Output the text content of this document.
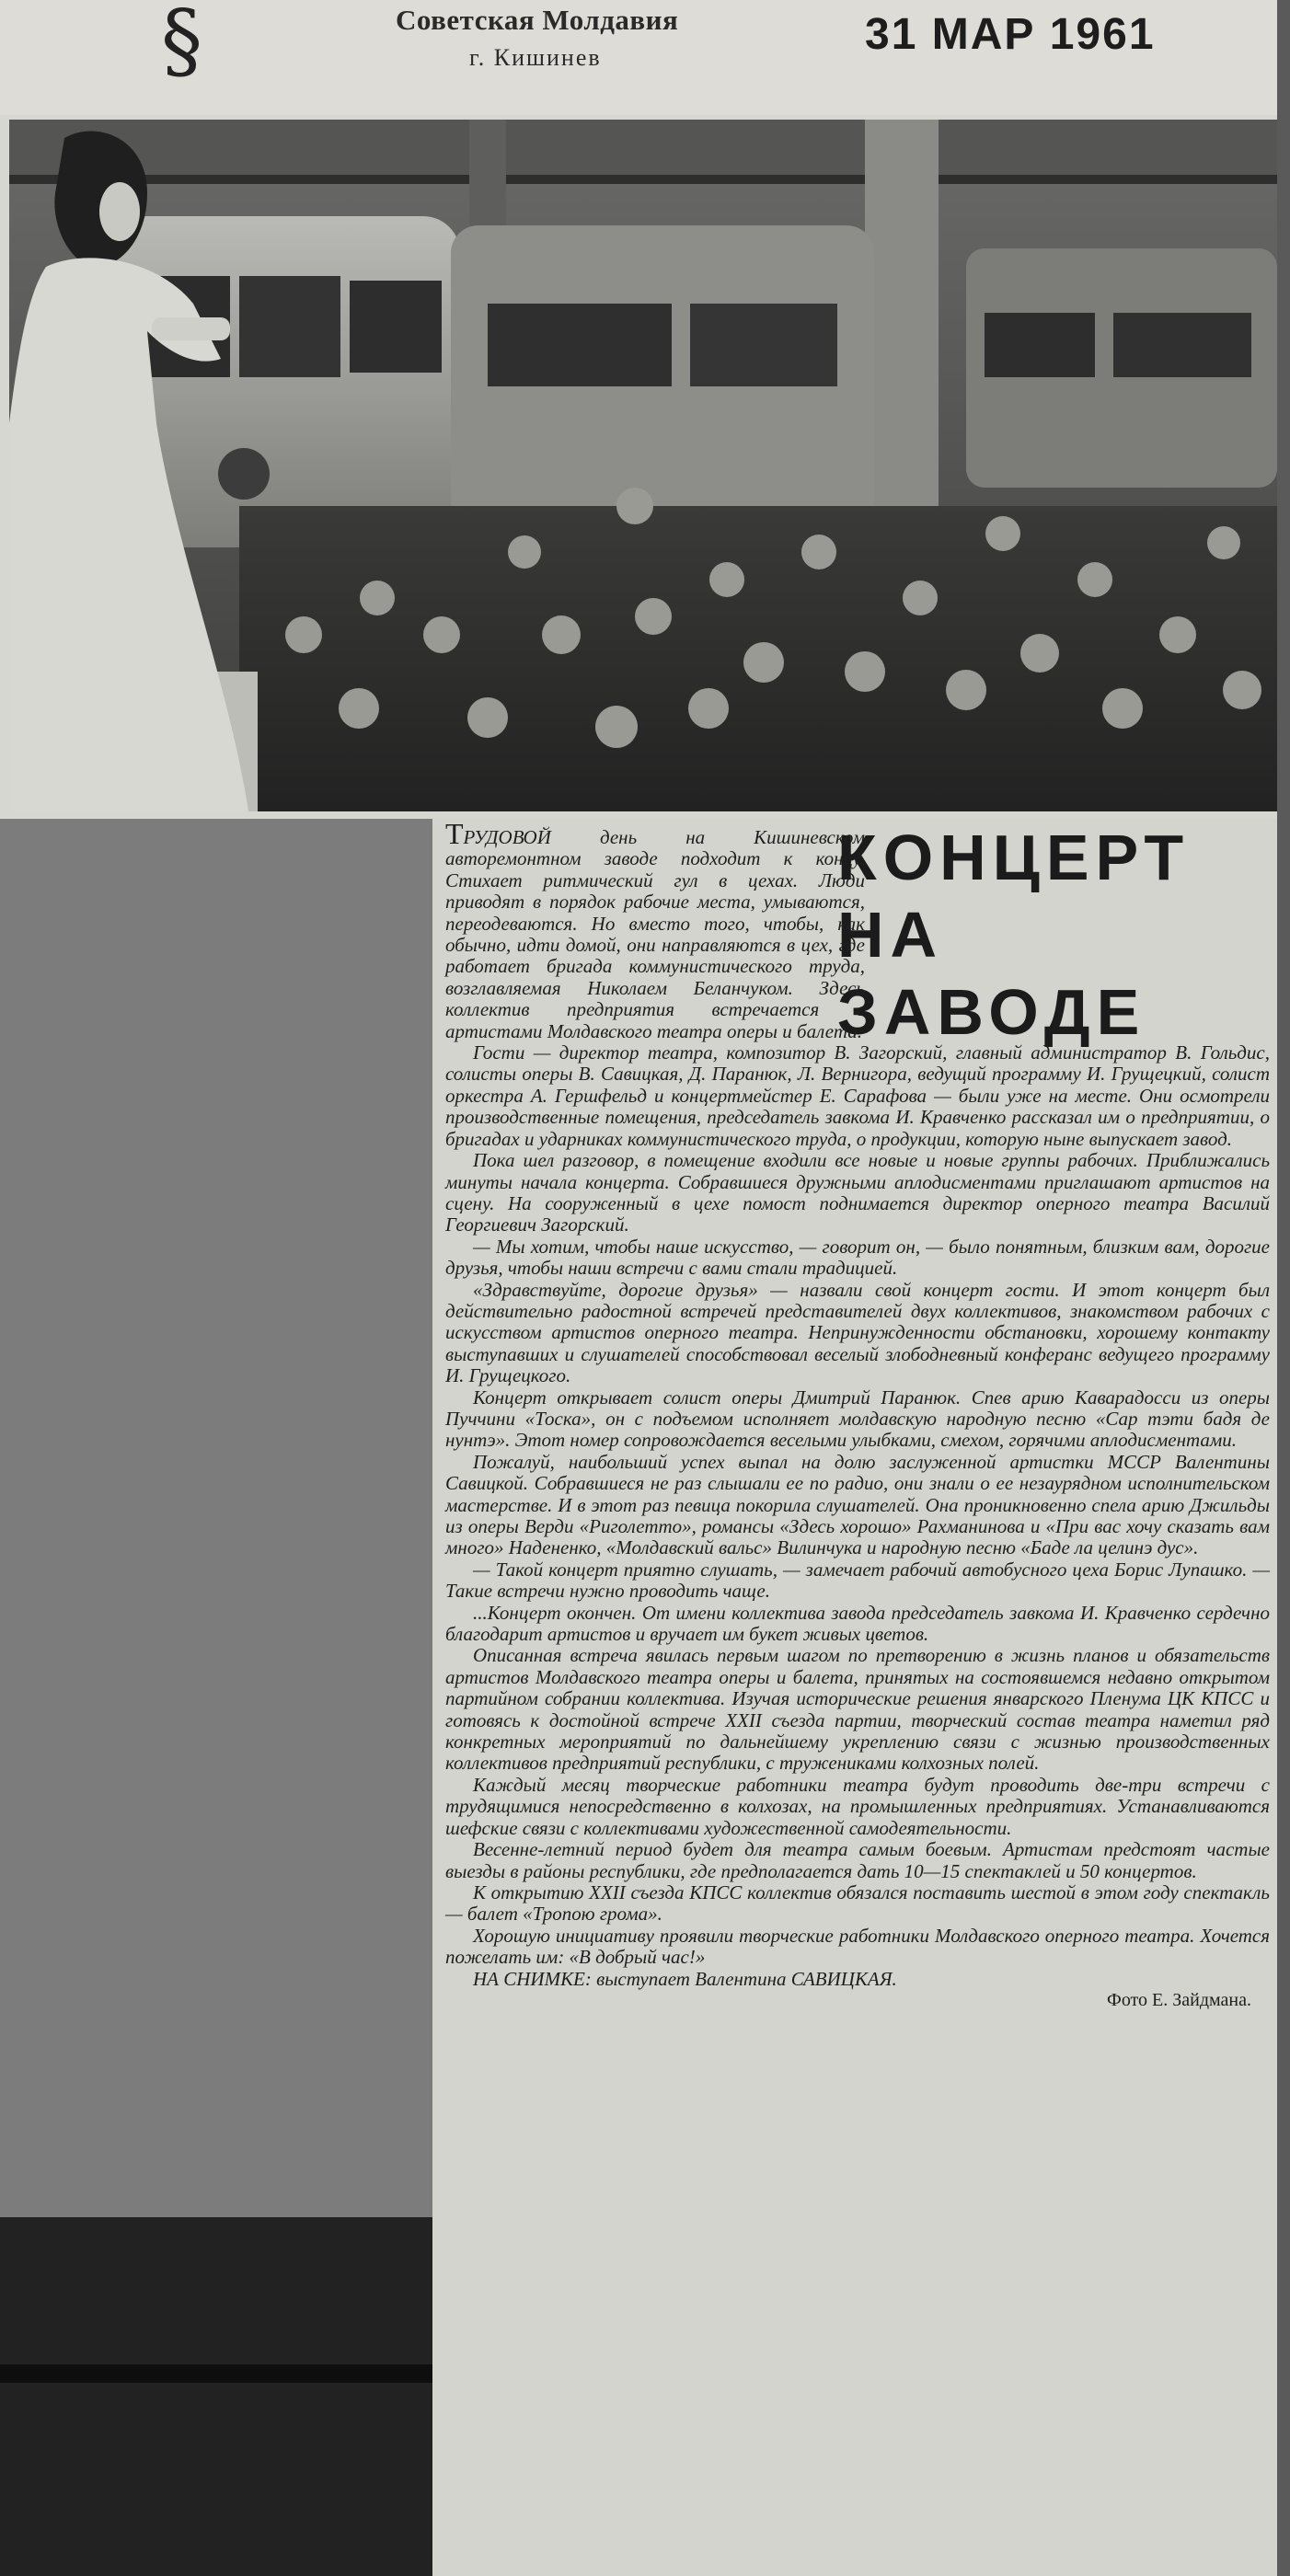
§	Советская Молдавия
г. Кишинев	31 МАР 1961
КОНЦЕРТ НА ЗАВОДЕ

ТРУДОВОЙ день на Кишиневском авторемонтном заводе подходит к концу. Стихает ритмический гул в цехах. Люди приводят в порядок рабочие места, умываются, переодеваются. Но вместо того, чтобы, как обычно, идти домой, они направляются в цех, где работает бригада коммунистического труда, возглавляемая Николаем Беланчуком. Здесь коллектив предприятия встречается с артистами Молдавского театра оперы и балета.

Гости — директор театра, композитор В. Загорский, главный администратор В. Гольдис, солисты оперы В. Савицкая, Д. Паранюк, Л. Вернигора, ведущий программу И. Грущецкий, солист оркестра А. Гершфельд и концертмейстер Е. Сарафова — были уже на месте. Они осмотрели производственные помещения, председатель завкома И. Кравченко рассказал им о предприятии, о бригадах и ударниках коммунистического труда, о продукции, которую ныне выпускает завод.

Пока шел разговор, в помещение входили все новые и новые группы рабочих. Приближались минуты начала концерта. Собравшиеся дружными аплодисментами приглашают артистов на сцену. На сооруженный в цехе помост поднимается директор оперного театра Василий Георгиевич Загорский.

— Мы хотим, чтобы наше искусство, — говорит он, — было понятным, близким вам, дорогие друзья, чтобы наши встречи с вами стали традицией.

«Здравствуйте, дорогие друзья» — назвали свой концерт гости. И этот концерт был действительно радостной встречей представителей двух коллективов, знакомством рабочих с искусством артистов оперного театра. Непринужденности обстановки, хорошему контакту выступавших и слушателей способствовал веселый злободневный конферанс ведущего программу И. Грущецкого.

Концерт открывает солист оперы Дмитрий Паранюк. Спев арию Каварадосси из оперы Пуччини «Тоска», он с подъемом исполняет молдавскую народную песню «Сар тэти бадя де нунтэ». Этот номер сопровождается веселыми улыбками, смехом, горячими аплодисментами.

Пожалуй, наибольший успех выпал на долю заслуженной артистки МССР Валентины Савицкой. Собравшиеся не раз слышали ее по радио, они знали о ее незаурядном исполнительском мастерстве. И в этот раз певица покорила слушателей. Она проникновенно спела арию Джильды из оперы Верди «Риголетто», романсы «Здесь хорошо» Рахманинова и «При вас хочу сказать вам много» Надененко, «Молдавский вальс» Вилинчука и народную песню «Баде ла целинэ дус».

— Такой концерт приятно слушать, — замечает рабочий автобусного цеха Борис Лупашко. — Такие встречи нужно проводить чаще.

...Концерт окончен. От имени коллектива завода председатель завкома И. Кравченко сердечно благодарит артистов и вручает им букет живых цветов.

Описанная встреча явилась первым шагом по претворению в жизнь планов и обязательств артистов Молдавского театра оперы и балета, принятых на состоявшемся недавно открытом партийном собрании коллектива. Изучая исторические решения январского Пленума ЦК КПСС и готовясь к достойной встрече XXII съезда партии, творческий состав театра наметил ряд конкретных мероприятий по дальнейшему укреплению связи с жизнью производственных коллективов предприятий республики, с тружениками колхозных полей.

Каждый месяц творческие работники театра будут проводить две-три встречи с трудящимися непосредственно в колхозах, на промышленных предприятиях. Устанавливаются шефские связи с коллективами художественной самодеятельности.

Весенне-летний период будет для театра самым боевым. Артистам предстоят частые выезды в районы республики, где предполагается дать 10—15 спектаклей и 50 концертов.

К открытию XXII съезда КПСС коллектив обязался поставить шестой в этом году спектакль — балет «Тропою грома».

Хорошую инициативу проявили творческие работники Молдавского оперного театра. Хочется пожелать им: «В добрый час!»

НА СНИМКЕ: выступает Валентина САВИЦКАЯ.

Фото Е. Зайдмана.
